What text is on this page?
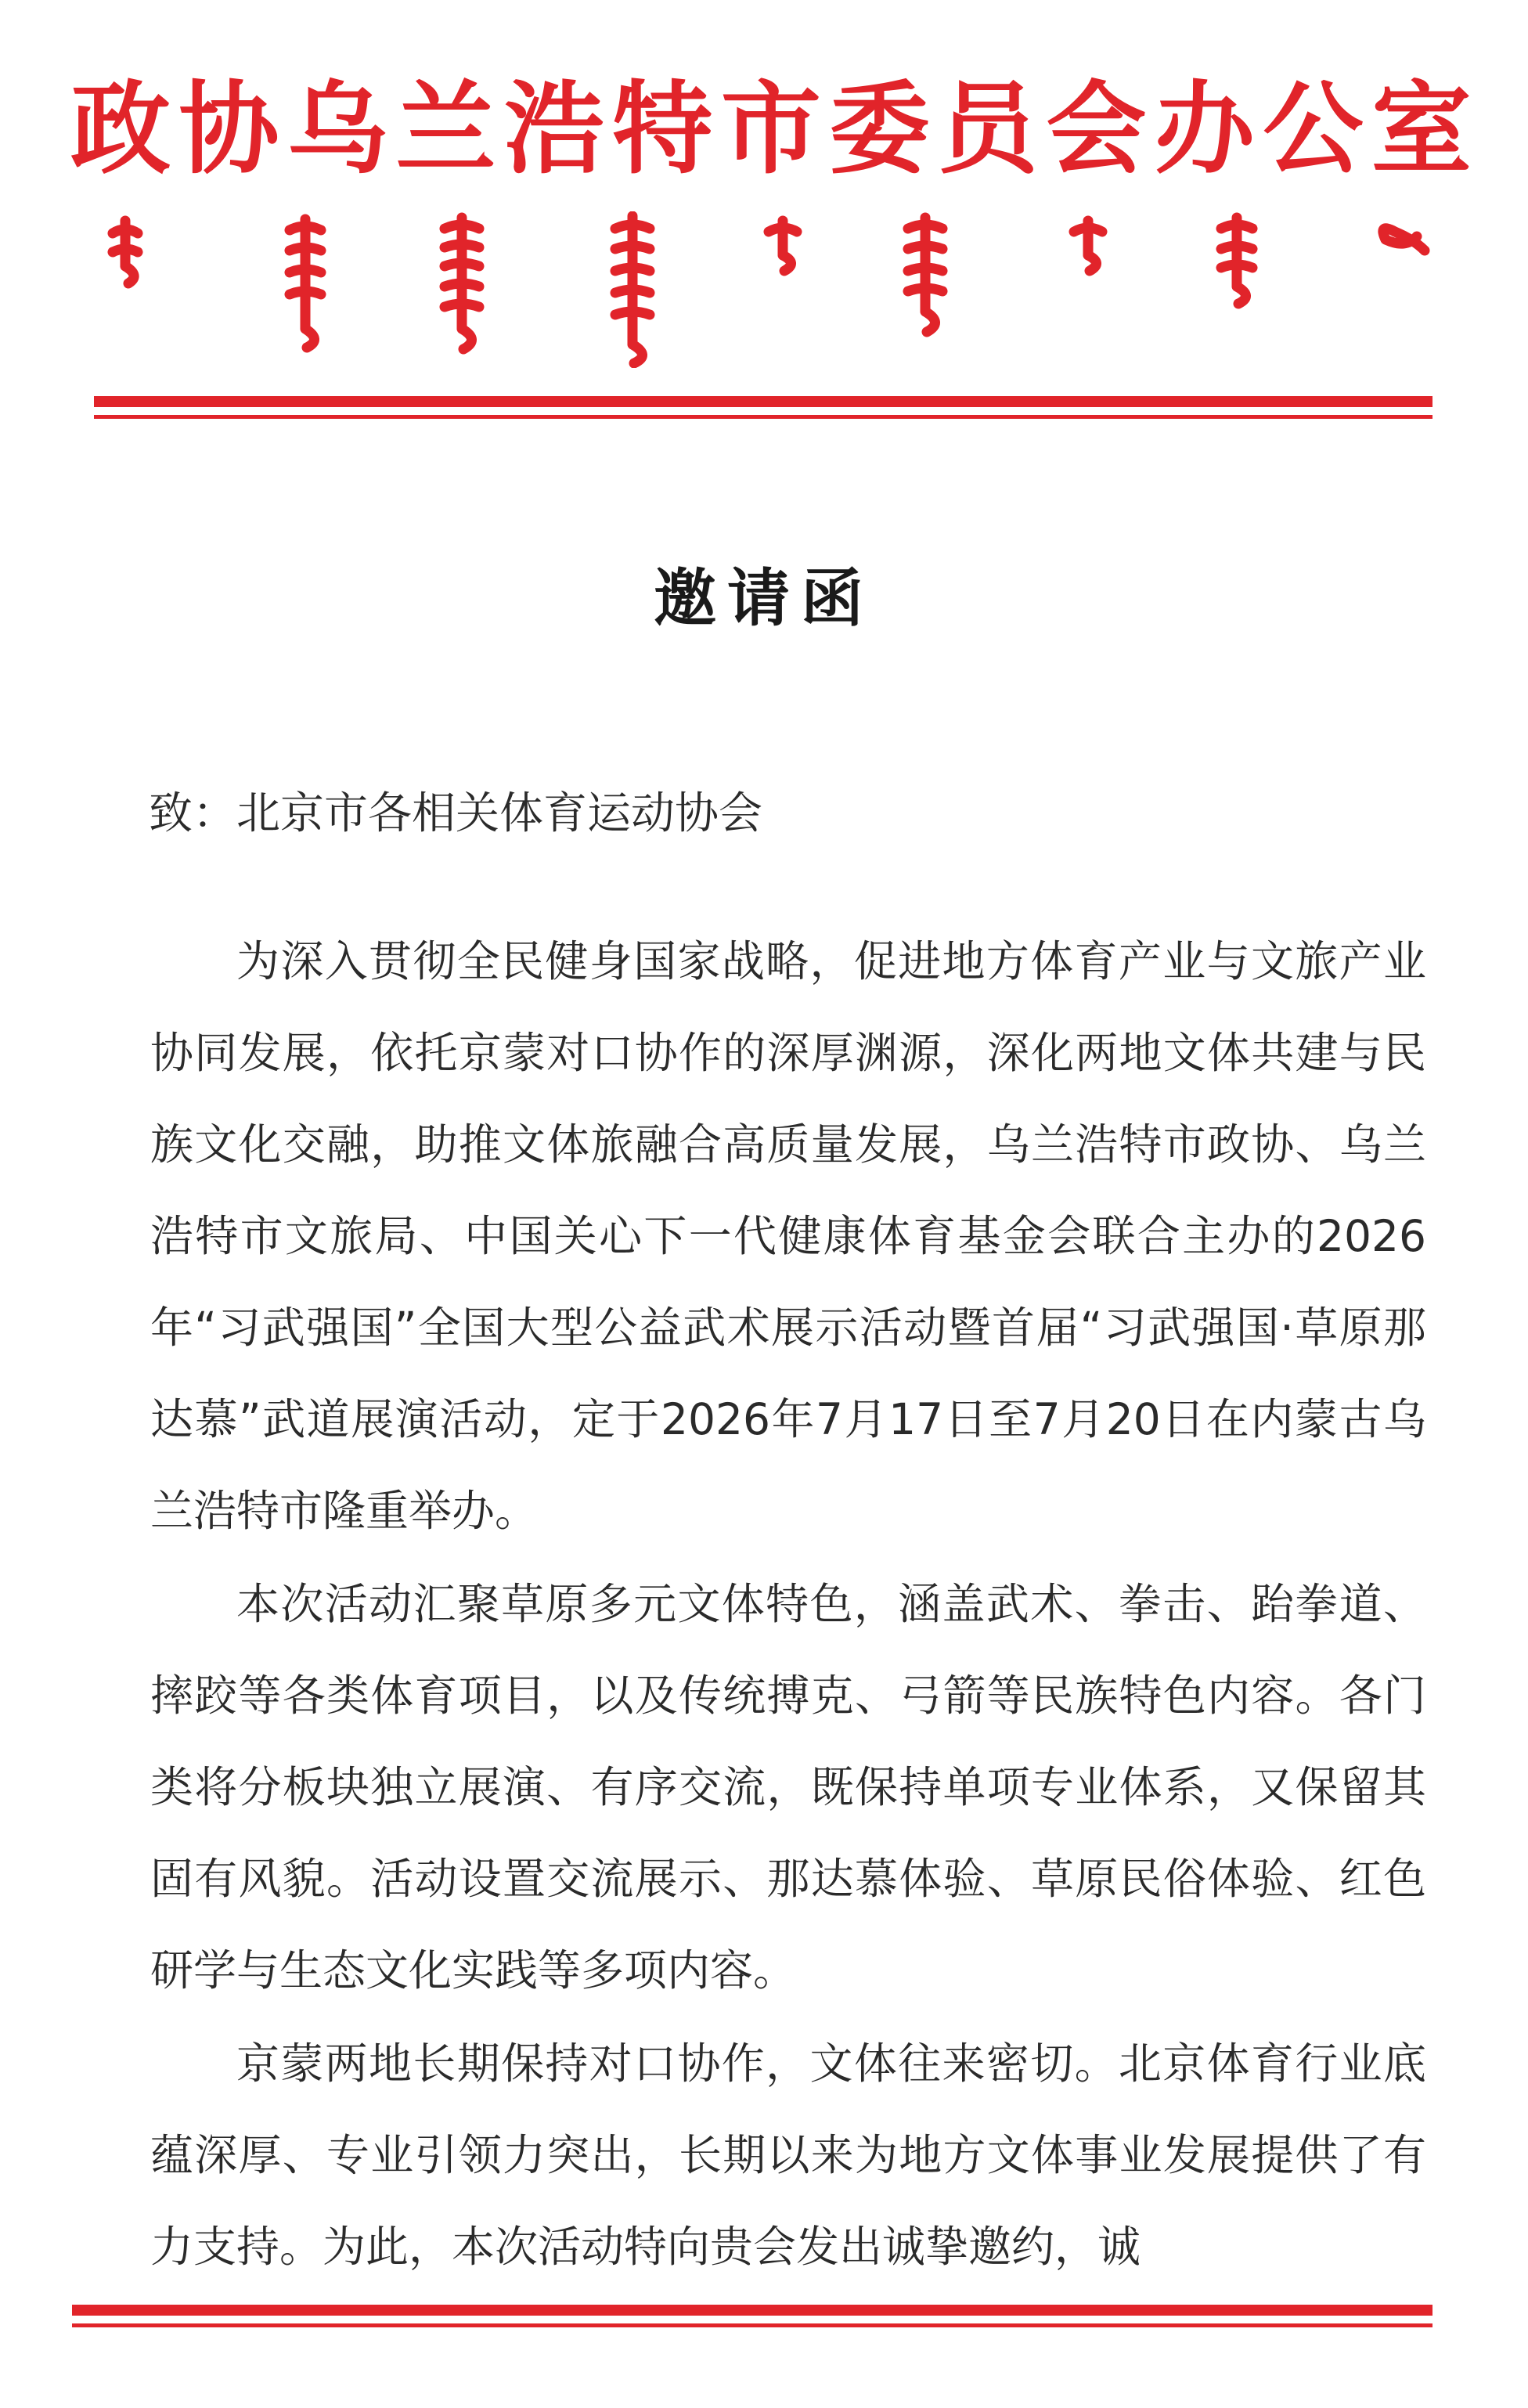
政 协 乌 兰 浩 特 市 委 员 会 办 公 室
邀请函
致：北京市各相关体育运动协会

为深入贯彻全民健身国家战略，促进地方体育产业与文旅产业协同发展，依托京蒙对口协作的深厚渊源，深化两地文体共建与民族文化交融，助推文体旅融合高质量发展，乌兰浩特市政协、乌兰浩特市文旅局、中国关心下一代健康体育基金会联合主办的2026年“习武强国”全国大型公益武术展示活动暨首届“习武强国·草原那达慕”武道展演活动，定于2026年7月17日至7月20日在内蒙古乌兰浩特市隆重举办。

本次活动汇聚草原多元文体特色，涵盖武术、拳击、跆拳道、摔跤等各类体育项目，以及传统搏克、弓箭等民族特色内容。各门类将分板块独立展演、有序交流，既保持单项专业体系，又保留其固有风貌。活动设置交流展示、那达慕体验、草原民俗体验、红色研学与生态文化实践等多项内容。

京蒙两地长期保持对口协作，文体往来密切。北京体育行业底蕴深厚、专业引领力突出，长期以来为地方文体事业发展提供了有力支持。为此，本次活动特向贵会发出诚挚邀约，诚
